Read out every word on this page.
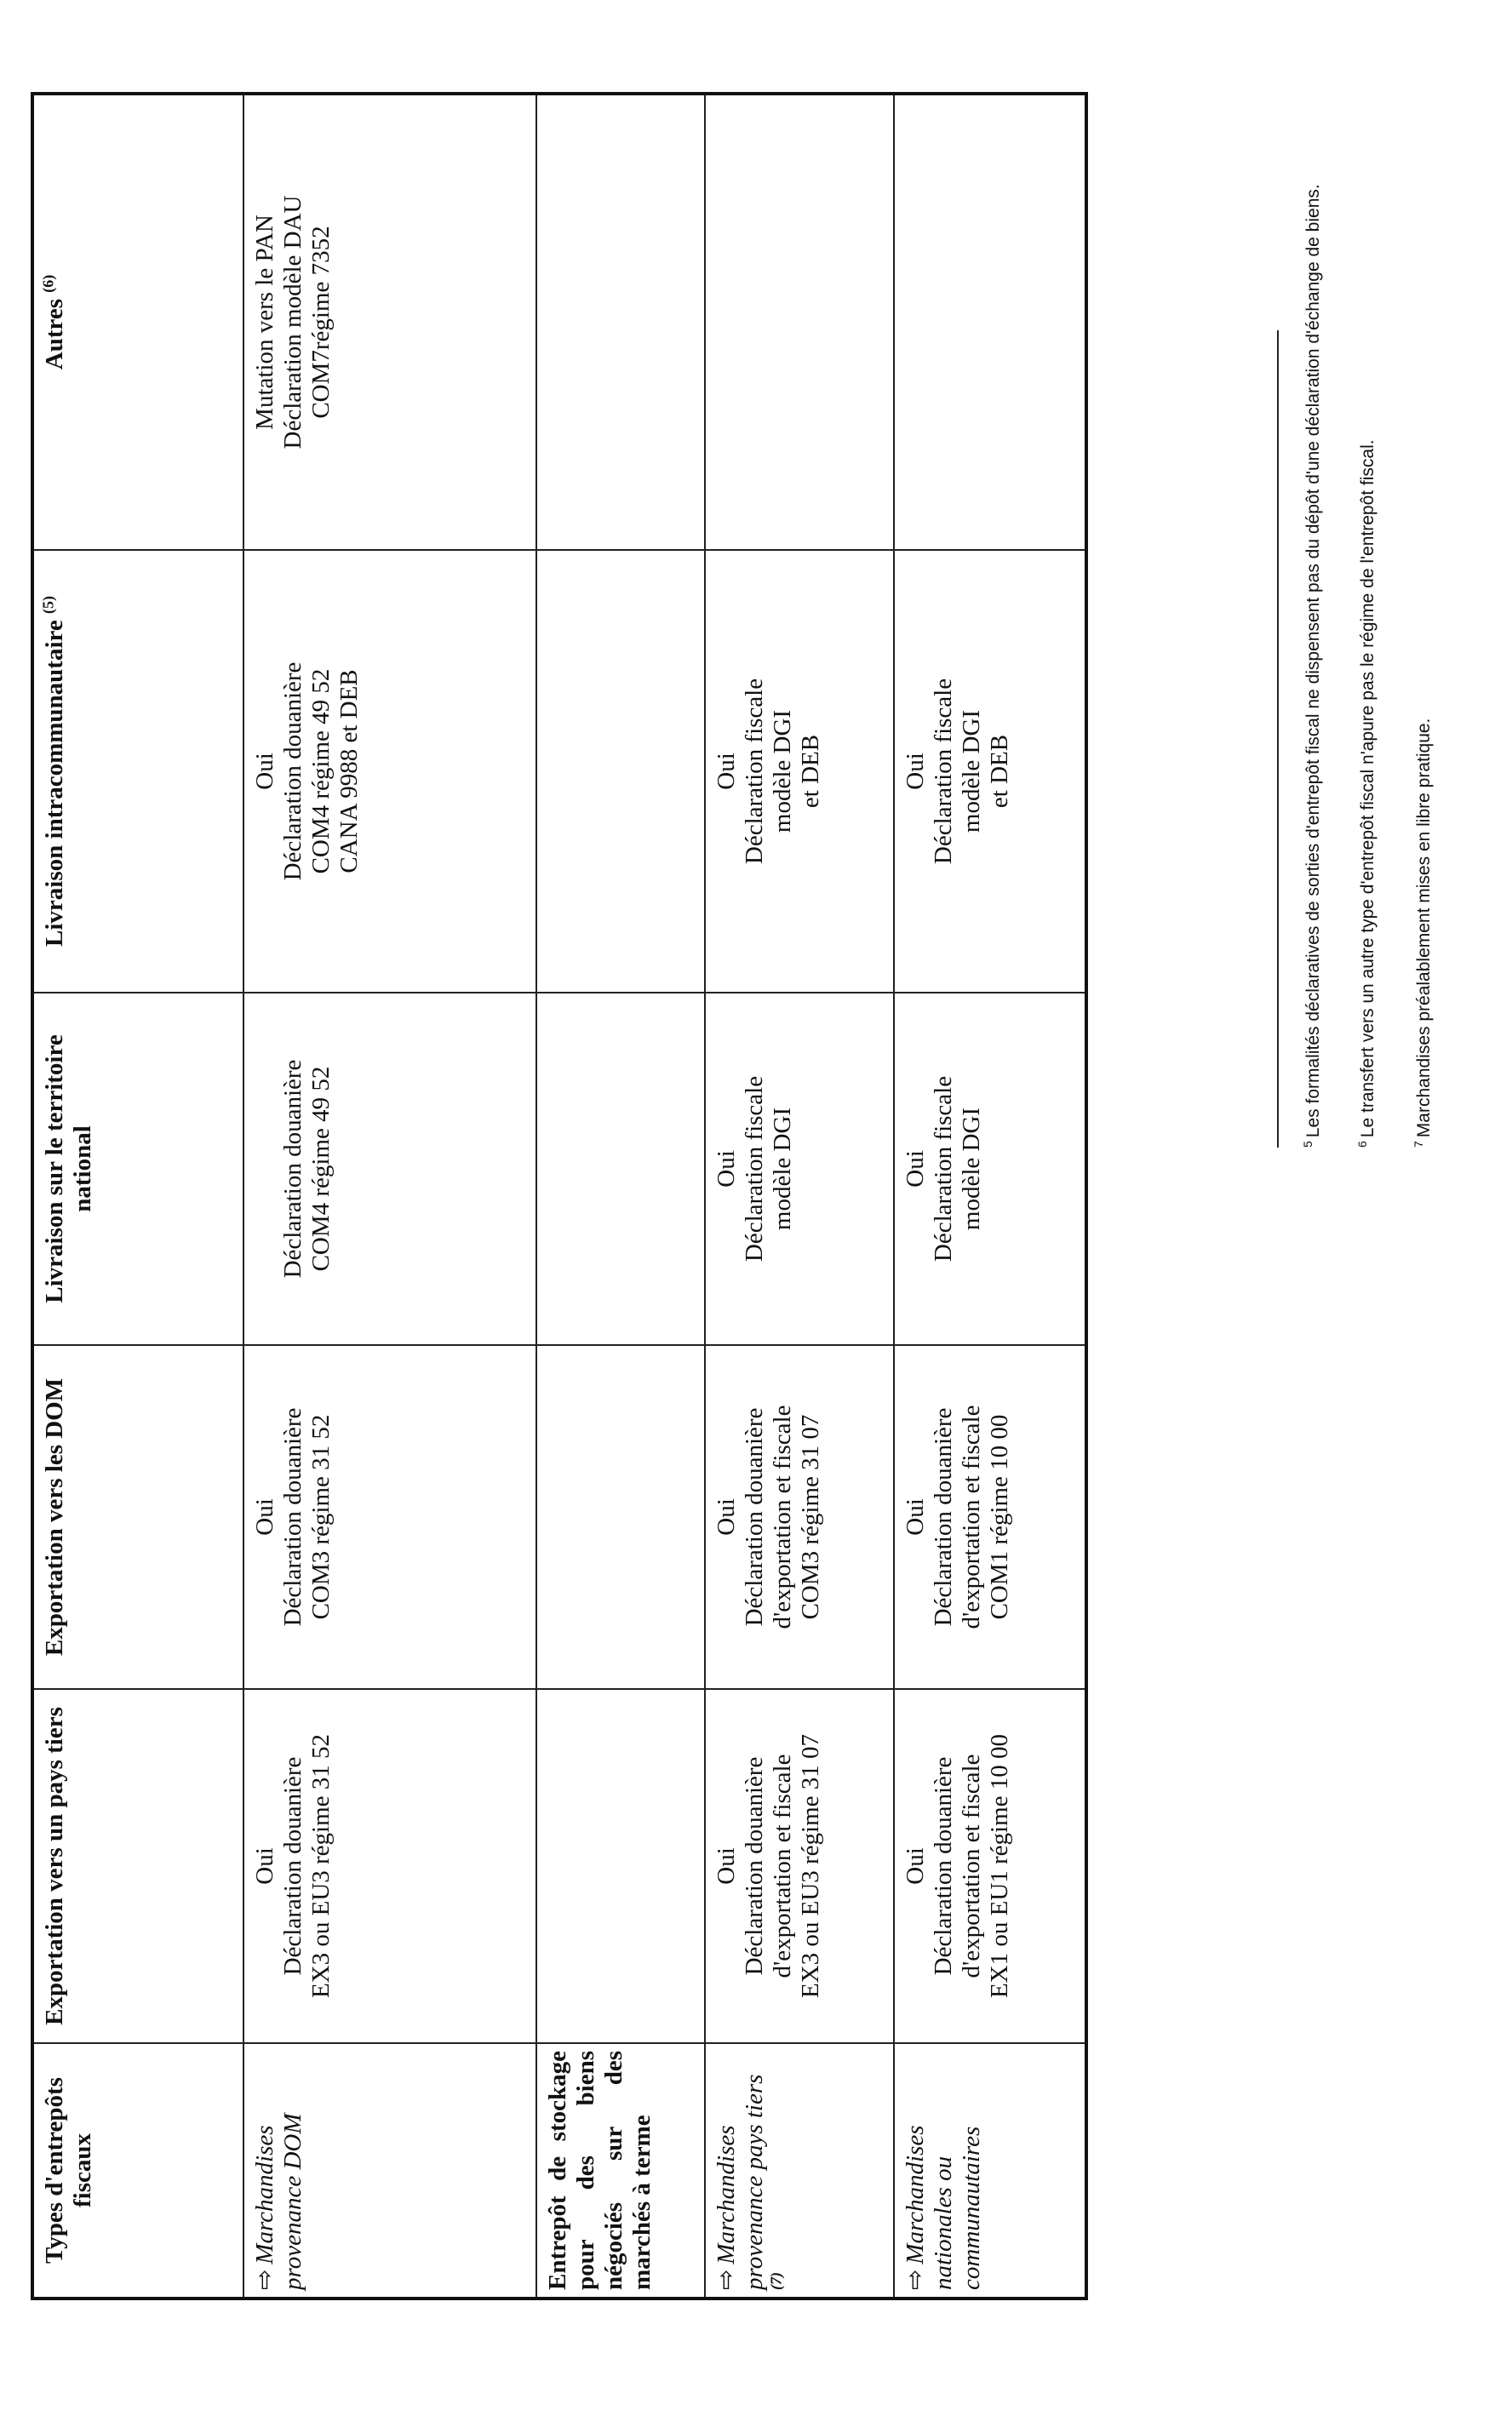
Types d'entrepôts fiscaux	Exportation vers un pays tiers	Exportation vers les DOM	Livraison sur le territoire national	Livraison intracommunautaire $^{(5)}$	Autres $^{(6)}$
⇨Marchandises provenance DOM	Oui Déclaration douanière EX3 ou EU3 régime 31 52	Oui Déclaration douanière COM3 régime 31 52	Déclaration douanière COM4 régime 49 52	Oui Déclaration douanière COM4 régime 49 52 CANA 9988 et DEB	Mutation vers le PAN Déclaration modèle DAU COM7régime 7352

Entrepôt de stockage pour des biens négociés sur des marchés à terme					
⇨Marchandises provenance pays tiers $^{(7)}$	Oui Déclaration douanière d'exportation et fiscale EX3 ou EU3 régime 31 07	Oui Déclaration douanière d'exportation et fiscale COM3 régime 31 07	Oui Déclaration fiscale modèle DGI	Oui Déclaration fiscale modèle DGI et DEB	

⇨Marchandises nationales ou communautaires	Oui Déclaration douanière d'exportation et fiscale EX1 ou EU1 régime 10 00	Oui Déclaration douanière d'exportation et fiscale COM1 régime 10 00	Oui Déclaration fiscale modèle DGI	Oui Déclaration fiscale modèle DGI et DEB	

$^5$Les formalités déclaratives de sorties d'entrepôt fiscal ne dispensent pas du dépôt d'une déclaration d'échange de biens.
$^6$Le transfert vers un autre type d'entrepôt fiscal n'apure pas le régime de l'entrepôt fiscal.
$^7$Marchandises préalablement mises en libre pratique.
